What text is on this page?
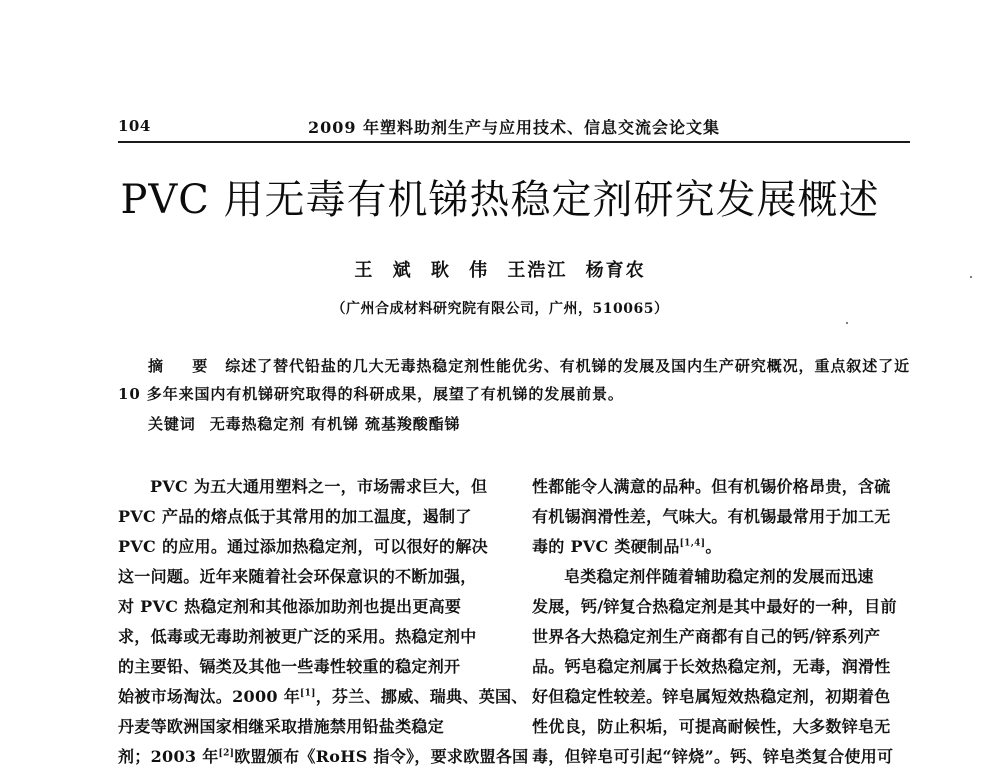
104	2009 年塑料助剂生产与应用技术、信息交流会论文集
PVC 用无毒有机锑热稳定剂研究发展概述
王 斌 耿 伟 王浩江 杨育农
（广州合成材料研究院有限公司，广州，510065）
摘 要 综述了替代铅盐的几大无毒热稳定剂性能优劣、有机锑的发展及国内生产研究概况，重点叙述了近 10 多年来国内有机锑研究取得的科研成果，展望了有机锑的发展前景。
关键词 无毒热稳定剂 有机锑 巯基羧酸酯锑
PVC 为五大通用塑料之一，市场需求巨大，但
PVC 产品的熔点低于其常用的加工温度，遏制了
PVC 的应用。通过添加热稳定剂，可以很好的解决
这一问题。近年来随着社会环保意识的不断加强，
对 PVC 热稳定剂和其他添加助剂也提出更高要
求，低毒或无毒助剂被更广泛的采用。热稳定剂中
的主要铅、镉类及其他一些毒性较重的稳定剂开
始被市场淘汰。2000 年[1]，芬兰、挪威、瑞典、英国、
丹麦等欧洲国家相继采取措施禁用铅盐类稳定
剂；2003 年[2]欧盟颁布《RoHS 指令》，要求欧盟各国
性都能令人满意的品种。但有机锡价格昂贵，含硫
有机锡润滑性差，气味大。有机锡最常用于加工无
毒的 PVC 类硬制品[1,4]。
皂类稳定剂伴随着辅助稳定剂的发展而迅速
发展，钙/锌复合热稳定剂是其中最好的一种，目前
世界各大热稳定剂生产商都有自己的钙/锌系列产
品。钙皂稳定剂属于长效热稳定剂，无毒，润滑性
好但稳定性较差。锌皂属短效热稳定剂，初期着色
性优良，防止积垢，可提高耐候性，大多数锌皂无
毒，但锌皂可引起“锌烧”。钙、锌皂类复合使用可
